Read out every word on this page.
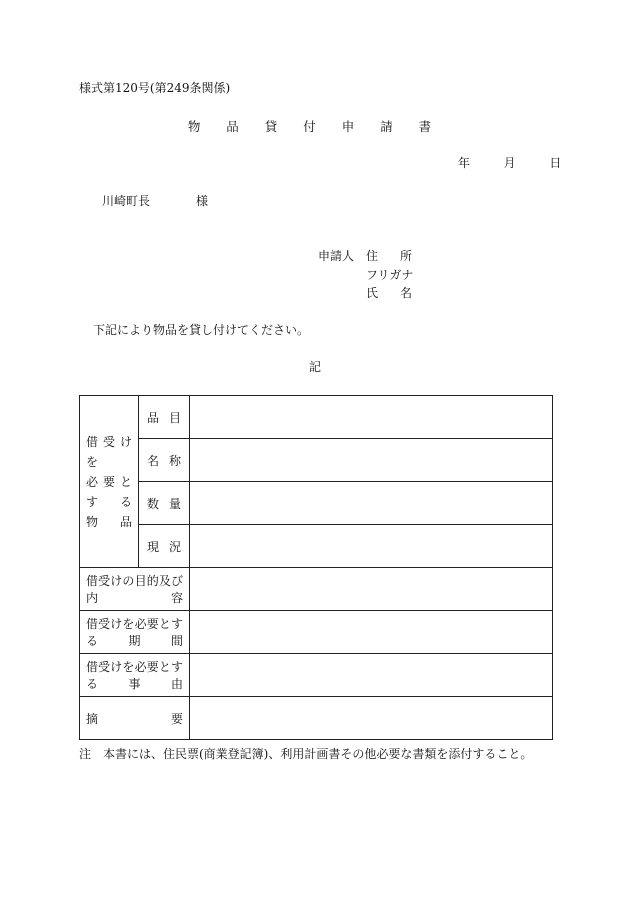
様式第120号(第249条関係)
物 品 貸 付 申 請 書
年	月	日
川崎町長	様
申請人 住所
フリガナ
氏名
下記により物品を貸し付けてください。
記
借受けを
必要とする
物品	品目	

	名称	

	数量	

	現況	

借受けの目的及び内容		

借受けを必要とする期間		

借受けを必要とする事由		

摘要		

注　本書には、住民票(商業登記簿)、利用計画書その他必要な書類を添付すること。
